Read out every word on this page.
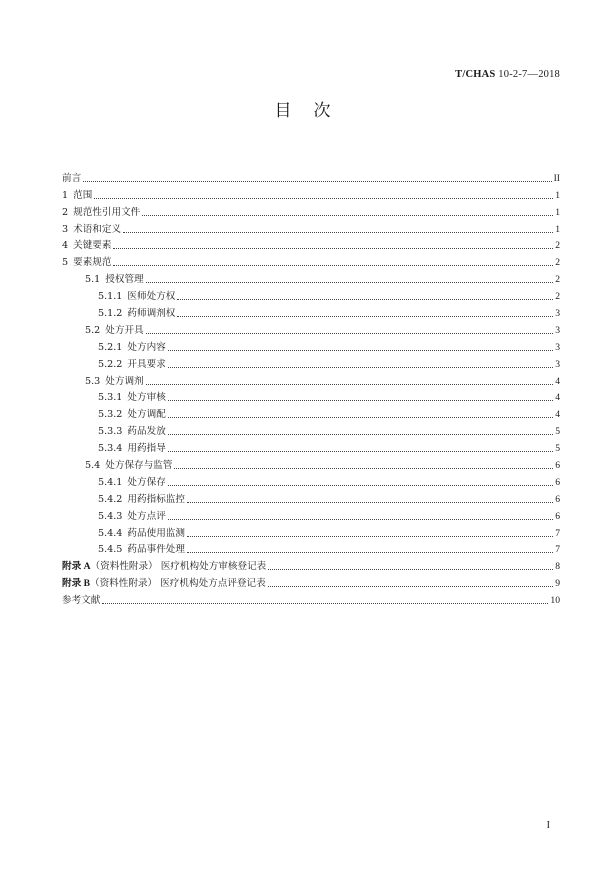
T/CHAS 10-2-7—2018
目次
前言	II
1 范围	1
2 规范性引用文件	1
3 术语和定义	1
4 关键要素	2
5 要素规范	2
5.1 授权管理	2
5.1.1 医师处方权	2
5.1.2 药师调剂权	3
5.2 处方开具	3
5.2.1 处方内容	3
5.2.2 开具要求	3
5.3 处方调剂	4
5.3.1 处方审核	4
5.3.2 处方调配	4
5.3.3 药品发放	5
5.3.4 用药指导	5
5.4 处方保存与监管	6
5.4.1 处方保存	6
5.4.2 用药指标监控	6
5.4.3 处方点评	6
5.4.4 药品使用监测	7
5.4.5 药品事件处理	7
附录 A（资料性附录） 医疗机构处方审核登记表	8
附录 B（资料性附录） 医疗机构处方点评登记表	9
参考文献	10
I
